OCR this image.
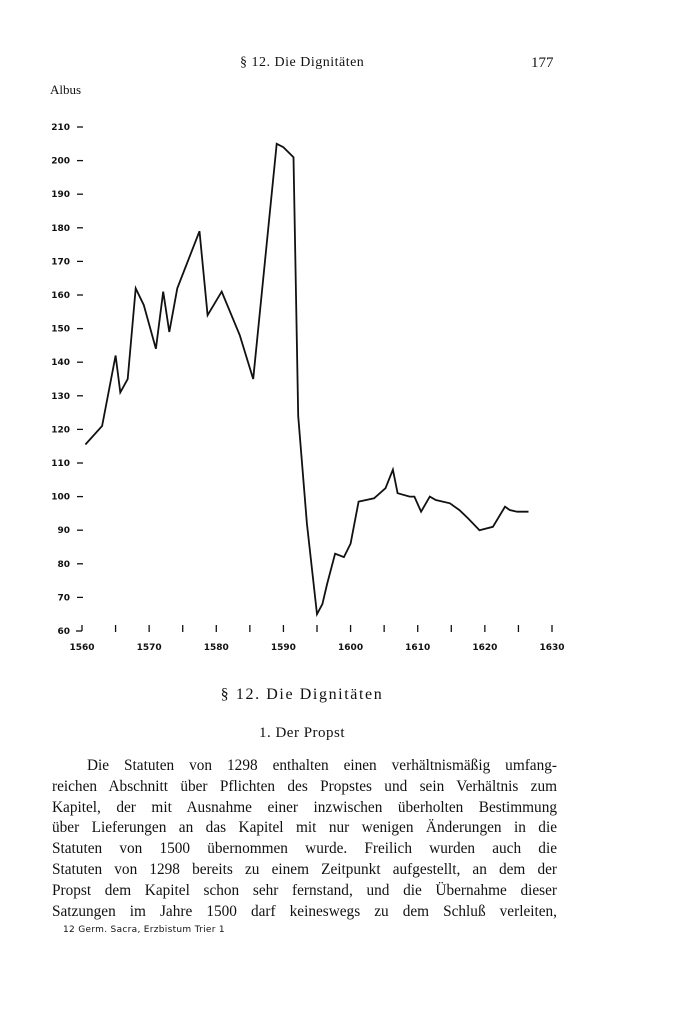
§ 12. Die Dignitäten	177
Albus
60
70
80
90
100
110
120
130
140
150
160
170
180
190
200
210
1560	1570	1580	1590	1600	1610	1620	1630
§ 12. Die Dignitäten
1. Der Propst
Die Statuten von 1298 enthalten einen verhältnismäßig umfang-
reichen Abschnitt über Pflichten des Propstes und sein Verhältnis zum
Kapitel, der mit Ausnahme einer inzwischen überholten Bestimmung
über Lieferungen an das Kapitel mit nur wenigen Änderungen in die
Statuten von 1500 übernommen wurde. Freilich wurden auch die
Statuten von 1298 bereits zu einem Zeitpunkt aufgestellt, an dem der
Propst dem Kapitel schon sehr fernstand, und die Übernahme dieser
Satzungen im Jahre 1500 darf keineswegs zu dem Schluß verleiten,
12 Germ. Sacra, Erzbistum Trier 1
